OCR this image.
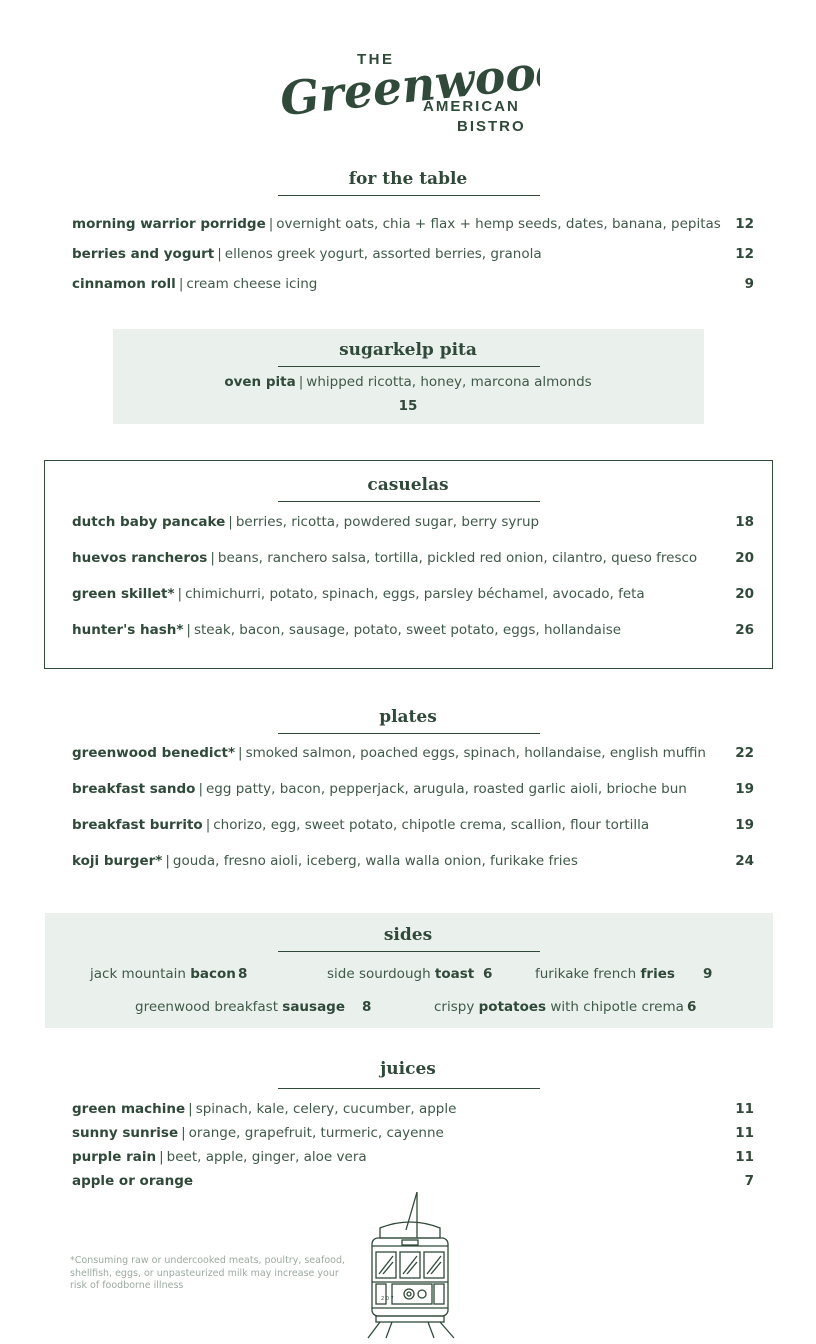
THE
Greenwood
AMERICAN
BISTRO
for the table
morning warrior porridge | overnight oats, chia + flax + hemp seeds, dates, banana, pepitas 12
berries and yogurt | ellenos greek yogurt, assorted berries, granola	12
cinnamon roll | cream cheese icing	9
sugarkelp pita
oven pita | whipped ricotta, honey, marcona almonds
15
casuelas
dutch baby pancake | berries, ricotta, powdered sugar, berry syrup	18
huevos rancheros | beans, ranchero salsa, tortilla, pickled red onion, cilantro, queso fresco	20
green skillet* | chimichurri, potato, spinach, eggs, parsley béchamel, avocado, feta	20
hunter's hash* | steak, bacon, sausage, potato, sweet potato, eggs, hollandaise	26
plates
greenwood benedict* | smoked salmon, poached eggs, spinach, hollandaise, english muffin 22
breakfast sando | egg patty, bacon, pepperjack, arugula, roasted garlic aioli, brioche bun	19
breakfast burrito | chorizo, egg, sweet potato, chipotle crema, scallion, flour tortilla	19
koji burger* | gouda, fresno aioli, iceberg, walla walla onion, furikake fries	24
sides
jack mountain bacon 8	side sourdough toast 6	furikake french fries 9
greenwood breakfast sausage 8	crispy potatoes with chipotle crema 6
juices
green machine | spinach, kale, celery, cucumber, apple	11
sunny sunrise | orange, grapefruit, turmeric, cayenne	11
purple rain | beet, apple, ginger, aloe vera	11
apple or orange	7
*Consuming raw or undercooked meats, poultry, seafood, shellfish, eggs, or unpasteurized milk may increase your risk of foodborne illness
2 0 7
